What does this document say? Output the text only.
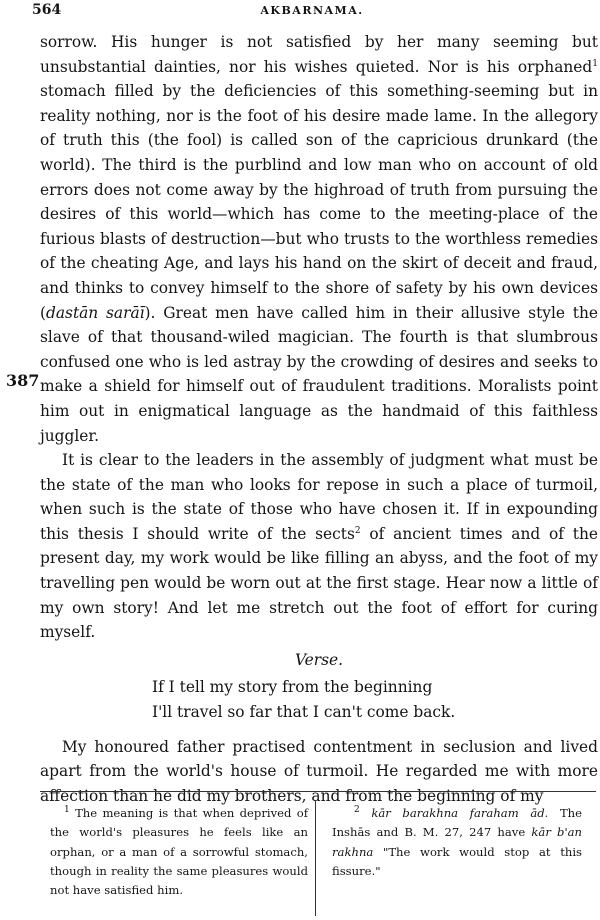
564	AKBARNAMA.
387

sorrow. His hunger is not satisfied by her many seeming but unsubstantial dainties, nor his wishes quieted. Nor is his orphaned$^1$ stomach filled by the deficiencies of this something-seeming but in reality nothing, nor is the foot of his desire made lame. In the allegory of truth this (the fool) is called son of the capricious drunkard (the world). The third is the purblind and low man who on account of old errors does not come away by the highroad of truth from pursuing the desires of this world—which has come to the meeting-place of the furious blasts of destruction—but who trusts to the worthless remedies of the cheating Age, and lays his hand on the skirt of deceit and fraud, and thinks to convey himself to the shore of safety by his own devices (dastān sarāī). Great men have called him in their allusive style the slave of that thousand-wiled magician. The fourth is that slumbrous confused one who is led astray by the crowding of desires and seeks to make a shield for himself out of fraudulent traditions. Moralists point him out in enigmatical language as the handmaid of this faithless juggler.

It is clear to the leaders in the assembly of judgment what must be the state of the man who looks for repose in such a place of turmoil, when such is the state of those who have chosen it. If in expounding this thesis I should write of the sects$^2$ of ancient times and of the present day, my work would be like filling an abyss, and the foot of my travelling pen would be worn out at the first stage. Hear now a little of my own story! And let me stretch out the foot of effort for curing myself.

Verse.

If I tell my story from the beginning

I'll travel so far that I can't come back.

My honoured father practised contentment in seclusion and lived apart from the world's house of turmoil. He regarded me with more affection than he did my brothers, and from the beginning of my

$^1$ The meaning is that when deprived of the world's pleasures he feels like an orphan, or a man of a sorrowful stomach, though in reality the same pleasures would not have satisfied him.
$^2$ kār barakhna faraham ād. The Inshās and B. M. 27, 247 have kār b'an rakhna "The work would stop at this fissure."
